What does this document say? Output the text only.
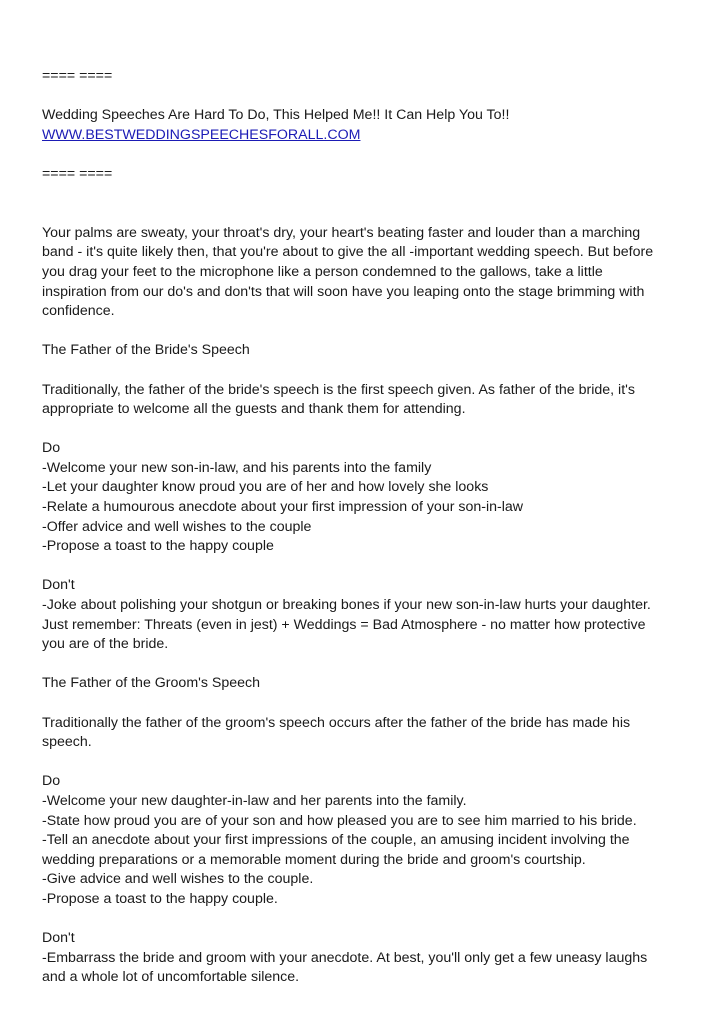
==== ====
Wedding Speeches Are Hard To Do, This Helped Me!! It Can Help You To!!
WWW.BESTWEDDINGSPEECHESFORALL.COM
==== ====
Your palms are sweaty, your throat's dry, your heart's beating faster and louder than a marching
band - it's quite likely then, that you're about to give the all -important wedding speech. But before
you drag your feet to the microphone like a person condemned to the gallows, take a little
inspiration from our do's and don'ts that will soon have you leaping onto the stage brimming with
confidence.
The Father of the Bride's Speech
Traditionally, the father of the bride's speech is the first speech given. As father of the bride, it's
appropriate to welcome all the guests and thank them for attending.
Do
-Welcome your new son-in-law, and his parents into the family
-Let your daughter know proud you are of her and how lovely she looks
-Relate a humourous anecdote about your first impression of your son-in-law
-Offer advice and well wishes to the couple
-Propose a toast to the happy couple
Don't
-Joke about polishing your shotgun or breaking bones if your new son-in-law hurts your daughter.
Just remember: Threats (even in jest) + Weddings = Bad Atmosphere - no matter how protective
you are of the bride.
The Father of the Groom's Speech
Traditionally the father of the groom's speech occurs after the father of the bride has made his
speech.
Do
-Welcome your new daughter-in-law and her parents into the family.
-State how proud you are of your son and how pleased you are to see him married to his bride.
-Tell an anecdote about your first impressions of the couple, an amusing incident involving the
wedding preparations or a memorable moment during the bride and groom's courtship.
-Give advice and well wishes to the couple.
-Propose a toast to the happy couple.
Don't
-Embarrass the bride and groom with your anecdote. At best, you'll only get a few uneasy laughs
and a whole lot of uncomfortable silence.
